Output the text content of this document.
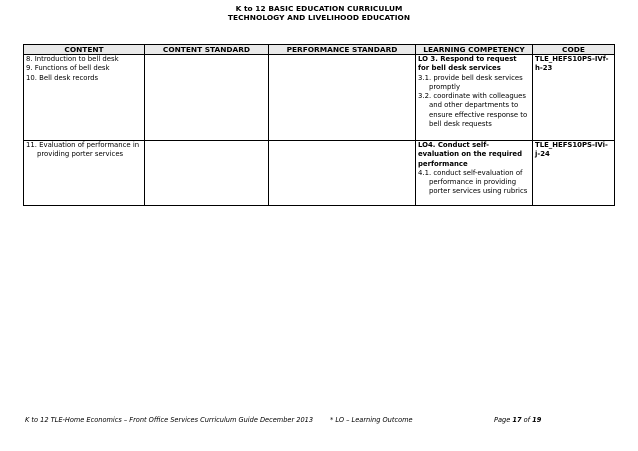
K to 12 BASIC EDUCATION CURRICULUM
TECHNOLOGY AND LIVELIHOOD EDUCATION
CONTENT	CONTENT STANDARD	PERFORMANCE STANDARD	LEARNING COMPETENCY	CODE

8. Introduction to bell desk
9. Functions of bell desk
10. Bell desk records			LO 3. Respond to request for bell desk services
3.1. provide bell desk services promptly
3.2. coordinate with colleagues and other departments to ensure effective response to bell desk requests	TLE_HEFS10PS-IVf-h-23

11. Evaluation of performance in providing porter services			LO4. Conduct self-evaluation on the required performance
4.1. conduct self-evaluation of performance in providing porter services using rubrics	TLE_HEFS10PS-IVi-j-24
K to 12 TLE-Home Economics – Front Office Services Curriculum Guide December 2013	* LO – Learning Outcome	Page 17 of 19
